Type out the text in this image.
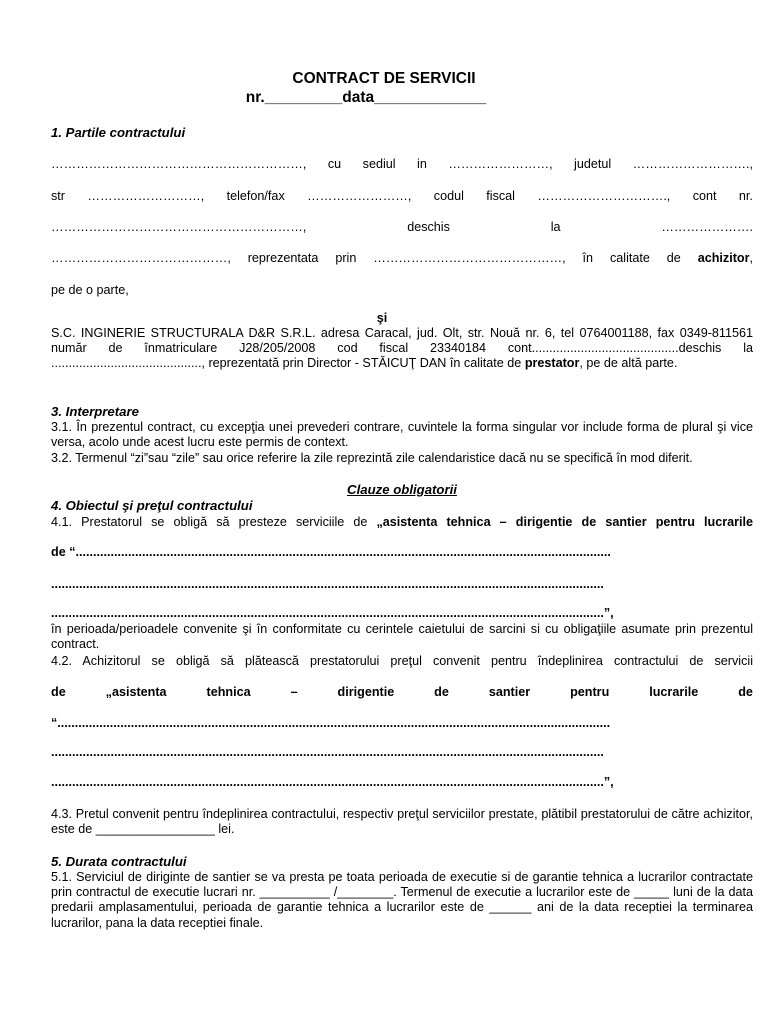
CONTRACT DE SERVICII
nr._________data_____________
1. Partile contractului
……………………………………………………, cu sediul in ……………………, judetul ……………………….,
str ………………………, telefon/fax ……………………, codul fiscal …………………………., cont nr.
……………………………………………………,	deschis	la	………………….
……………………………………, reprezentata prin ………………………………………, în calitate de achizitor,
pe de o parte,
şi
S.C. INGINERIE STRUCTURALA D&R S.R.L. adresa Caracal, jud. Olt, str. Nouă nr. 6, tel 0764001188, fax 0349-811561 număr de înmatriculare J28/205/2008 cod fiscal 23340184 cont..........................................deschis la ..........................................., reprezentată prin Director - STĂICUŢ DAN în calitate de prestator, pe de altă parte.
3. Interpretare
3.1. În prezentul contract, cu excepţia unei prevederi contrare, cuvintele la forma singular vor include forma de plural şi vice versa, acolo unde acest lucru este permis de context.
3.2. Termenul “zi”sau “zile” sau orice referire la zile reprezintă zile calendaristice dacă nu se specifică în mod diferit.
Clauze obligatorii
4. Obiectul şi preţul contractului
4.1. Prestatorul se obligă să presteze serviciile de „asistenta tehnica – dirigentie de santier pentru lucrarile
de “.........................................................................................................................................................
..............................................................................................................................................................
..............................................................................................................................................................”,
în perioada/perioadele convenite şi în conformitate cu cerintele caietului de sarcini si cu obligaţiile asumate prin prezentul contract.
4.2. Achizitorul se obligă să plătească prestatorului preţul convenit pentru îndeplinirea contractului de servicii
de	„asistenta	tehnica	–	dirigentie	de	santier	pentru	lucrarile	de
“..............................................................................................................................................................
..............................................................................................................................................................
..............................................................................................................................................................”,
4.3. Pretul convenit pentru îndeplinirea contractului, respectiv preţul serviciilor prestate, plătibil prestatorului de către achizitor, este de _________________ lei.
5. Durata contractului
5.1. Serviciul de diriginte de santier se va presta pe toata perioada de executie si de garantie tehnica a lucrarilor contractate prin contractul de executie lucrari nr. __________ /________. Termenul de executie a lucrarilor este de _____ luni de la data predarii amplasamentului, perioada de garantie tehnica a lucrarilor este de ______ ani de la data receptiei la terminarea lucrarilor, pana la data receptiei finale.
